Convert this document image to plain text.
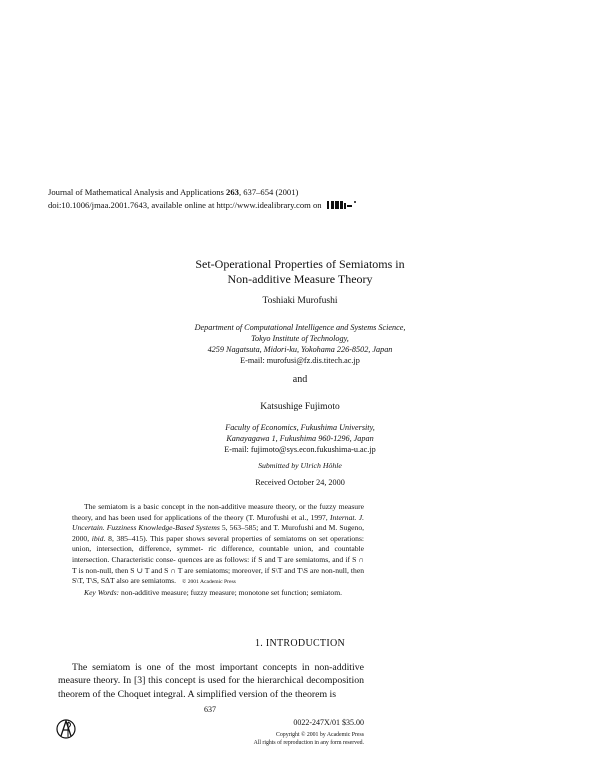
Journal of Mathematical Analysis and Applications 263, 637–654 (2001)
doi:10.1006/jmaa.2001.7643, available online at http://www.idealibrary.com on
Set-Operational Properties of Semiatoms in
Non-additive Measure Theory
Toshiaki Murofushi
Department of Computational Intelligence and Systems Science,
Tokyo Institute of Technology,
4259 Nagatsuta, Midori-ku, Yokohama 226-8502, Japan
E-mail: murofusi@fz.dis.titech.ac.jp
and
Katsushige Fujimoto
Faculty of Economics, Fukushima University,
Kanayagawa 1, Fukushima 960-1296, Japan
E-mail: fujimoto@sys.econ.fukushima-u.ac.jp
Submitted by Ulrich Höhle
Received October 24, 2000

The semiatom is a basic concept in the non-additive measure theory, or the fuzzy measure theory, and has been used for applications of the theory (T. Murofushi et al., 1997, Internat. J. Uncertain. Fuzziness Knowledge-Based Systems 5, 563–585; and T. Murofushi and M. Sugeno, 2000, ibid. 8, 385–415). This paper shows several properties of semiatoms on set operations: union, intersection, difference, symmet- ric difference, countable union, and countable intersection. Characteristic conse- quences are as follows: if S and T are semiatoms, and if S ∩ T is non-null, then S ∪ T and S ∩ T are semiatoms; moreover, if S\T and T\S are non-null, then S\T, T\S, SΔT also are semiatoms. © 2001 Academic Press

Key Words: non-additive measure; fuzzy measure; monotone set function; semiatom.

1. INTRODUCTION

The semiatom is one of the most important concepts in non-additive measure theory. In [3] this concept is used for the hierarchical decomposition theorem of the Choquet integral. A simplified version of the theorem is

637
0022-247X/01 $35.00
Copyright © 2001 by Academic Press
All rights of reproduction in any form reserved.
